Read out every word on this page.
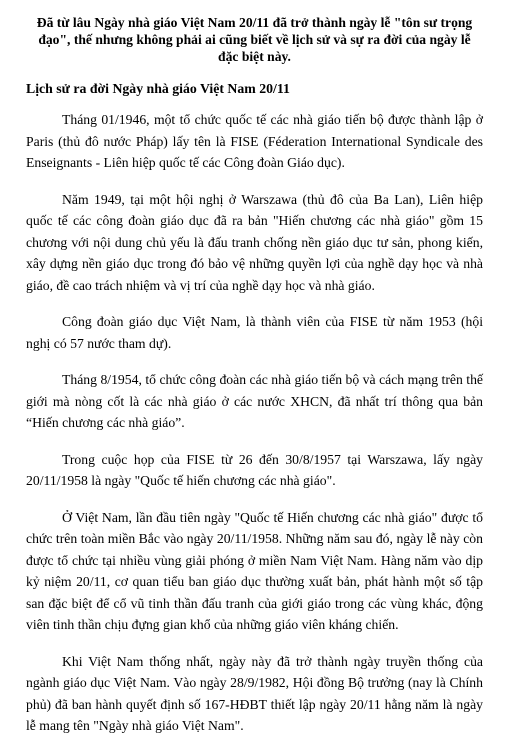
Đã từ lâu Ngày nhà giáo Việt Nam 20/11 đã trở thành ngày lễ "tôn sư trọng đạo", thế nhưng không phải ai cũng biết về lịch sử và sự ra đời của ngày lễ đặc biệt này.

Lịch sử ra đời Ngày nhà giáo Việt Nam 20/11

Tháng 01/1946, một tổ chức quốc tế các nhà giáo tiến bộ được thành lập ở Paris (thủ đô nước Pháp) lấy tên là FISE (Féderation International Syndicale des Enseignants - Liên hiệp quốc tế các Công đoàn Giáo dục).

Năm 1949, tại một hội nghị ở Warszawa (thủ đô của Ba Lan), Liên hiệp quốc tế các công đoàn giáo dục đã ra bản "Hiến chương các nhà giáo" gồm 15 chương với nội dung chủ yếu là đấu tranh chống nền giáo dục tư sản, phong kiến, xây dựng nền giáo dục trong đó bảo vệ những quyền lợi của nghề dạy học và nhà giáo, đề cao trách nhiệm và vị trí của nghề dạy học và nhà giáo.

Công đoàn giáo dục Việt Nam, là thành viên của FISE từ năm 1953 (hội nghị có 57 nước tham dự).

Tháng 8/1954, tổ chức công đoàn các nhà giáo tiến bộ và cách mạng trên thế giới mà nòng cốt là các nhà giáo ở các nước XHCN, đã nhất trí thông qua bản “Hiến chương các nhà giáo”.

Trong cuộc họp của FISE từ 26 đến 30/8/1957 tại Warszawa, lấy ngày 20/11/1958 là ngày "Quốc tế hiến chương các nhà giáo".

Ở Việt Nam, lần đầu tiên ngày "Quốc tế Hiến chương các nhà giáo" được tổ chức trên toàn miền Bắc vào ngày 20/11/1958. Những năm sau đó, ngày lễ này còn được tổ chức tại nhiều vùng giải phóng ở miền Nam Việt Nam. Hàng năm vào dịp kỷ niệm 20/11, cơ quan tiểu ban giáo dục thường xuất bản, phát hành một số tập san đặc biệt để cổ vũ tinh thần đấu tranh của giới giáo trong các vùng khác, động viên tinh thần chịu đựng gian khổ của những giáo viên kháng chiến.

Khi Việt Nam thống nhất, ngày này đã trở thành ngày truyền thống của ngành giáo dục Việt Nam. Vào ngày 28/9/1982, Hội đồng Bộ trưởng (nay là Chính phủ) đã ban hành quyết định số 167-HĐBT thiết lập ngày 20/11 hằng năm là ngày lễ mang tên "Ngày nhà giáo Việt Nam".
